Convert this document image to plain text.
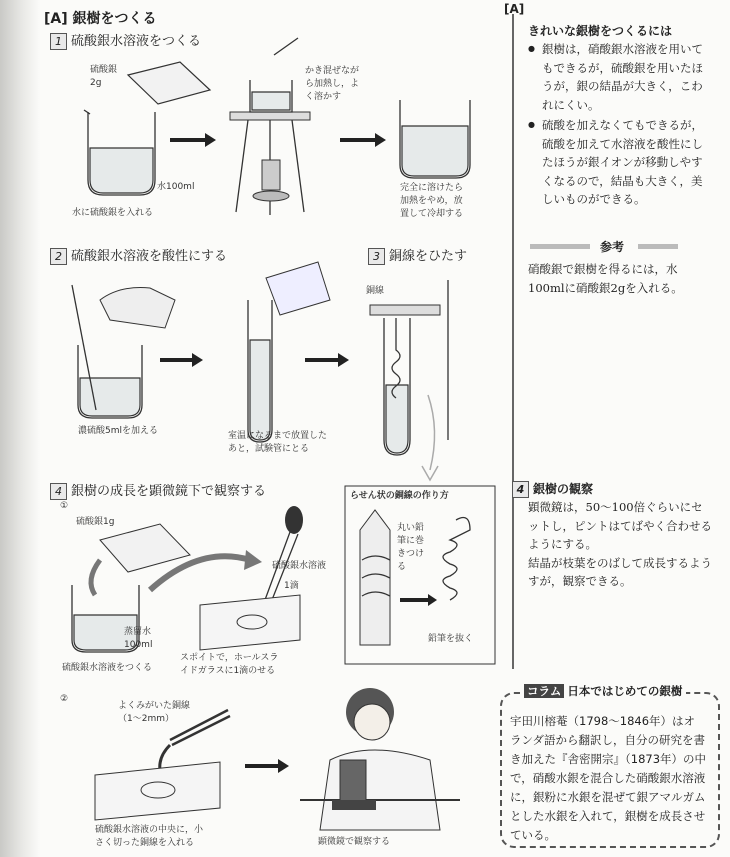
[A] 銀樹をつくる
1 硫酸銀水溶液をつくる
2 硫酸銀水溶液を酸性にする	3 銅線をひたす
4 銀樹の成長を顕微鏡下で観察する
①
②
硫酸銀
2g
かき混ぜなが
ら加熱し，よ
く溶かす
水100ml
水に硫酸銀を入れる
完全に溶けたら
加熱をやめ，放
置して冷却する
濃硫酸5mlを加える	室温になるまで放置した
あと，試験管にとる
銅線
硫酸銀1g
硫酸銀水溶液
1滴
蒸留水
100ml
硫酸銀水溶液をつくる
スポイトで，ホールスラ
イドガラスに1滴のせる
よくみがいた銅線
（1〜2mm）
硫酸銀水溶液の中央に，小
さく切った銅線を入れる	顕微鏡で観察する
らせん状の銅線の作り方
丸い鉛
筆に巻
きつけ
る
鉛筆を抜く
[A]
きれいな銀樹をつくるには
● 銀樹は，硝酸銀水溶液を用いてもできるが，硫酸銀を用いたほうが，銀の結晶が大きく，こわれにくい。
● 硫酸を加えなくてもできるが，硫酸を加えて水溶液を酸性にしたほうが銀イオンが移動しやすくなるので，結晶も大きく，美しいものができる。
参考
硝酸銀で銀樹を得るには，水100mlに硝酸銀2gを入れる。
4 銀樹の観察
顕微鏡は，50〜100倍ぐらいにセットし，ピントはてばやく合わせるようにする。
結晶が枝葉をのばして成長するようすが，観察できる。
コラム 日本ではじめての銀樹
宇田川榕菴（1798〜1846年）はオランダ語から翻訳し，自分の研究を書き加えた『舎密開宗』（1873年）の中で，硝酸水銀を混合した硝酸銀水溶液に，銀粉に水銀を混ぜて銀アマルガムとした水銀を入れて，銀樹を成長させている。
